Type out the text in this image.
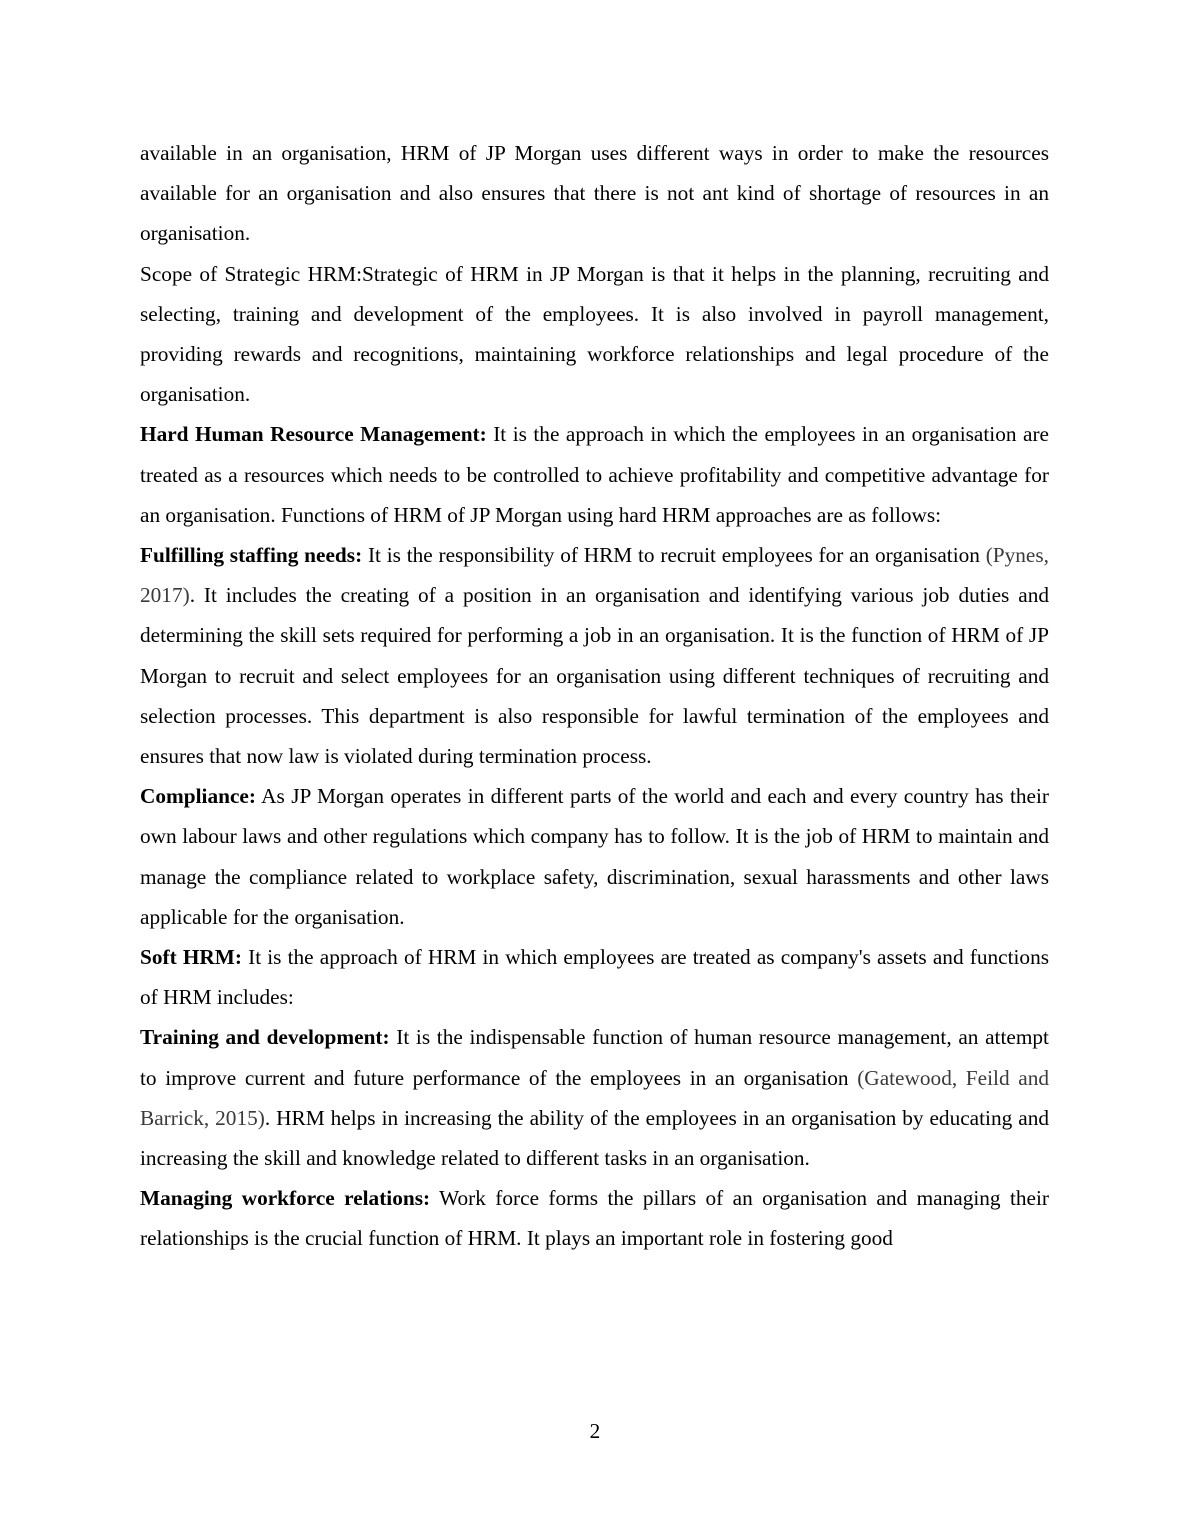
available in an organisation, HRM of JP Morgan uses different ways in order to make the resources available for an organisation and also ensures that there is not ant kind of shortage of resources in an organisation.

Scope of Strategic HRM:Strategic of HRM in JP Morgan is that it helps in the planning, recruiting and selecting, training and development of the employees. It is also involved in payroll management, providing rewards and recognitions, maintaining workforce relationships and legal procedure of the organisation.

Hard Human Resource Management: It is the approach in which the employees in an organisation are treated as a resources which needs to be controlled to achieve profitability and competitive advantage for an organisation. Functions of HRM of JP Morgan using hard HRM approaches are as follows:

Fulfilling staffing needs: It is the responsibility of HRM to recruit employees for an organisation (Pynes, 2017). It includes the creating of a position in an organisation and identifying various job duties and determining the skill sets required for performing a job in an organisation. It is the function of HRM of JP Morgan to recruit and select employees for an organisation using different techniques of recruiting and selection processes. This department is also responsible for lawful termination of the employees and ensures that now law is violated during termination process.

Compliance: As JP Morgan operates in different parts of the world and each and every country has their own labour laws and other regulations which company has to follow. It is the job of HRM to maintain and manage the compliance related to workplace safety, discrimination, sexual harassments and other laws applicable for the organisation.

Soft HRM: It is the approach of HRM in which employees are treated as company's assets and functions of HRM includes:

Training and development: It is the indispensable function of human resource management, an attempt to improve current and future performance of the employees in an organisation (Gatewood, Feild and Barrick, 2015). HRM helps in increasing the ability of the employees in an organisation by educating and increasing the skill and knowledge related to different tasks in an organisation.

Managing workforce relations: Work force forms the pillars of an organisation and managing their relationships is the crucial function of HRM. It plays an important role in fostering good

2
